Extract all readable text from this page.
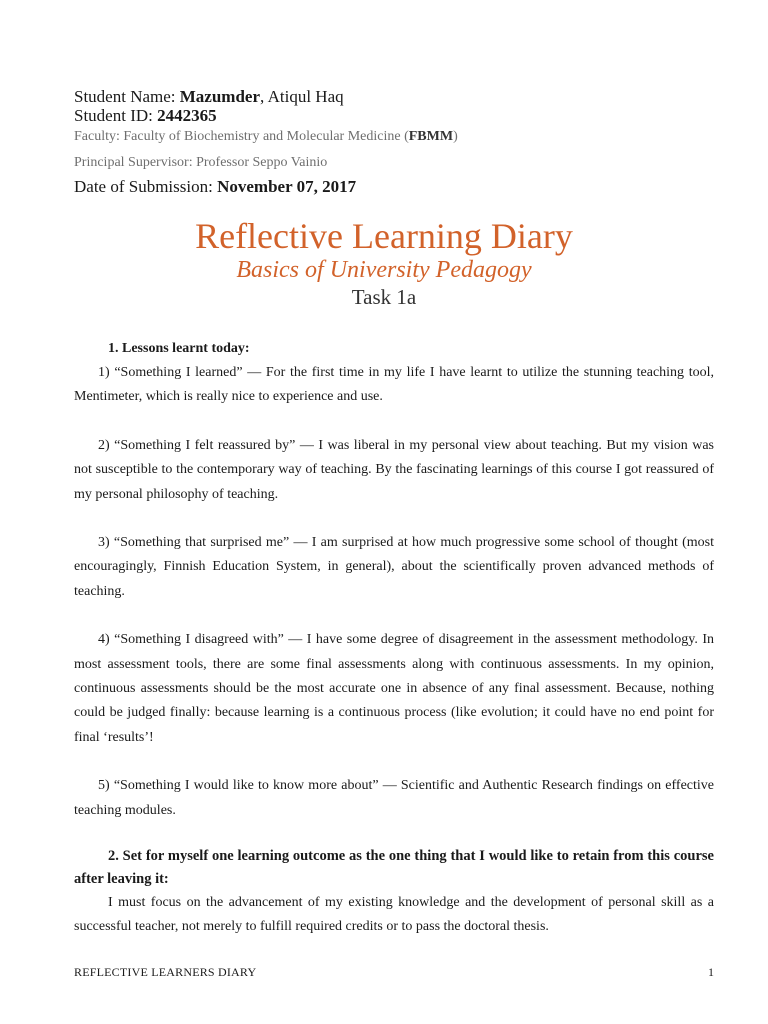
Student Name: Mazumder, Atiqul Haq

Student ID: 2442365

Faculty: Faculty of Biochemistry and Molecular Medicine (FBMM)

Principal Supervisor: Professor Seppo Vainio

Date of Submission: November 07, 2017

Reflective Learning Diary
Basics of University Pedagogy
Task 1a

1. Lessons learnt today:

1) “Something I learned” — For the first time in my life I have learnt to utilize the stunning teaching tool, Mentimeter, which is really nice to experience and use.

2) “Something I felt reassured by” — I was liberal in my personal view about teaching. But my vision was not susceptible to the contemporary way of teaching. By the fascinating learnings of this course I got reassured of my personal philosophy of teaching.

3) “Something that surprised me” — I am surprised at how much progressive some school of thought (most encouragingly, Finnish Education System, in general), about the scientifically proven advanced methods of teaching.

4) “Something I disagreed with” — I have some degree of disagreement in the assessment methodology. In most assessment tools, there are some final assessments along with continuous assessments. In my opinion, continuous assessments should be the most accurate one in absence of any final assessment. Because, nothing could be judged finally: because learning is a continuous process (like evolution; it could have no end point for final ‘results’!

5) “Something I would like to know more about” — Scientific and Authentic Research findings on effective teaching modules.

2. Set for myself one learning outcome as the one thing that I would like to retain from this course after leaving it:

I must focus on the advancement of my existing knowledge and the development of personal skill as a successful teacher, not merely to fulfill required credits or to pass the doctoral thesis.

REFLECTIVE LEARNERS DIARY	1
